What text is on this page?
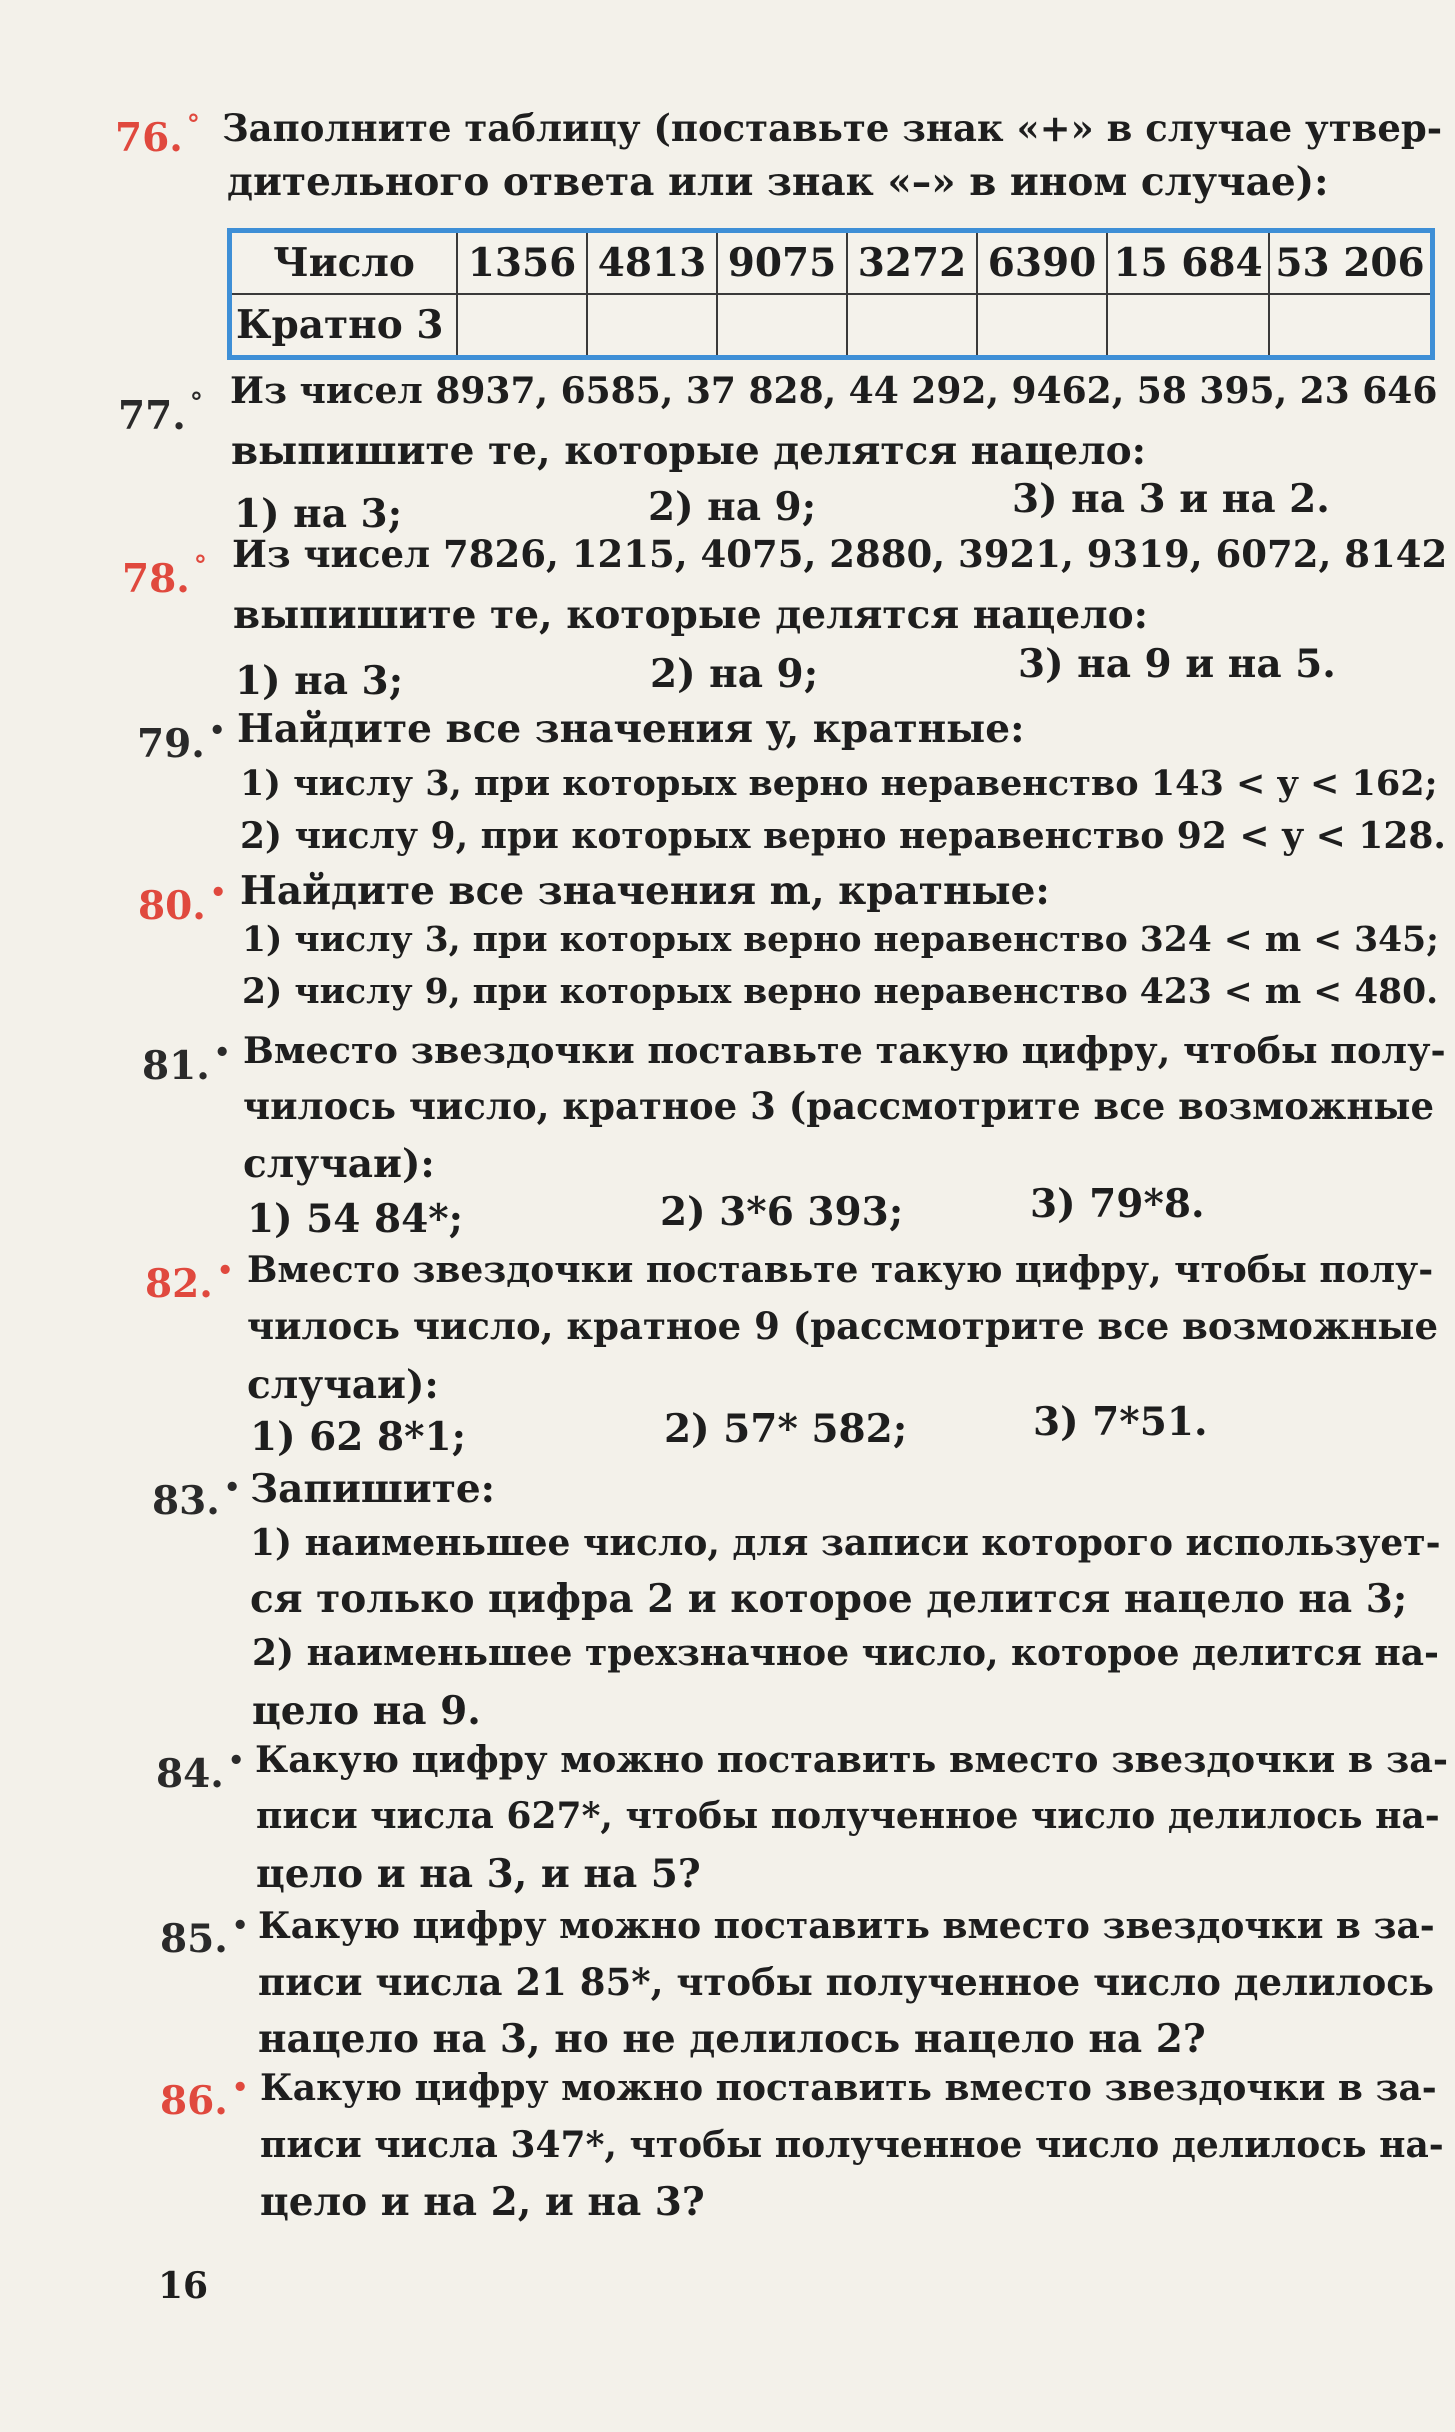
76. ° Заполните таблицу (поставьте знак «+» в случае утвер-
дительного ответа или знак «–» в ином случае):
Число	1356	4813	9075	3272	6390	15 684	53 206
Кратно 3							
77. ° Из чисел 8937, 6585, 37 828, 44 292, 9462, 58 395, 23 646
выпишите те, которые делятся нацело:
1) на 3;	2) на 9;	3) на 3 и на 2.
78. ° Из чисел 7826, 1215, 4075, 2880, 3921, 9319, 6072, 8142
выпишите те, которые делятся нацело:
1) на 3;	2) на 9;	3) на 9 и на 5.
79. • Найдите все значения y, кратные:
1) числу 3, при которых верно неравенство 143 < y < 162;
2) числу 9, при которых верно неравенство 92 < y < 128.
80. • Найдите все значения m, кратные:
1) числу 3, при которых верно неравенство 324 < m < 345;
2) числу 9, при которых верно неравенство 423 < m < 480.
81. • Вместо звездочки поставьте такую цифру, чтобы полу-
чилось число, кратное 3 (рассмотрите все возможные
случаи):
1) 54 84*;	2) 3*6 393;	3) 79*8.
82. • Вместо звездочки поставьте такую цифру, чтобы полу-
чилось число, кратное 9 (рассмотрите все возможные
случаи):
1) 62 8*1;	2) 57* 582;	3) 7*51.
83. • Запишите:
1) наименьшее число, для записи которого использует-
ся только цифра 2 и которое делится нацело на 3;
2) наименьшее трехзначное число, которое делится на-
цело на 9.
84. • Какую цифру можно поставить вместо звездочки в за-
писи числа 627*, чтобы полученное число делилось на-
цело и на 3, и на 5?
85. • Какую цифру можно поставить вместо звездочки в за-
писи числа 21 85*, чтобы полученное число делилось
нацело на 3, но не делилось нацело на 2?
86. • Какую цифру можно поставить вместо звездочки в за-
писи числа 347*, чтобы полученное число делилось на-
цело и на 2, и на 3?
16
